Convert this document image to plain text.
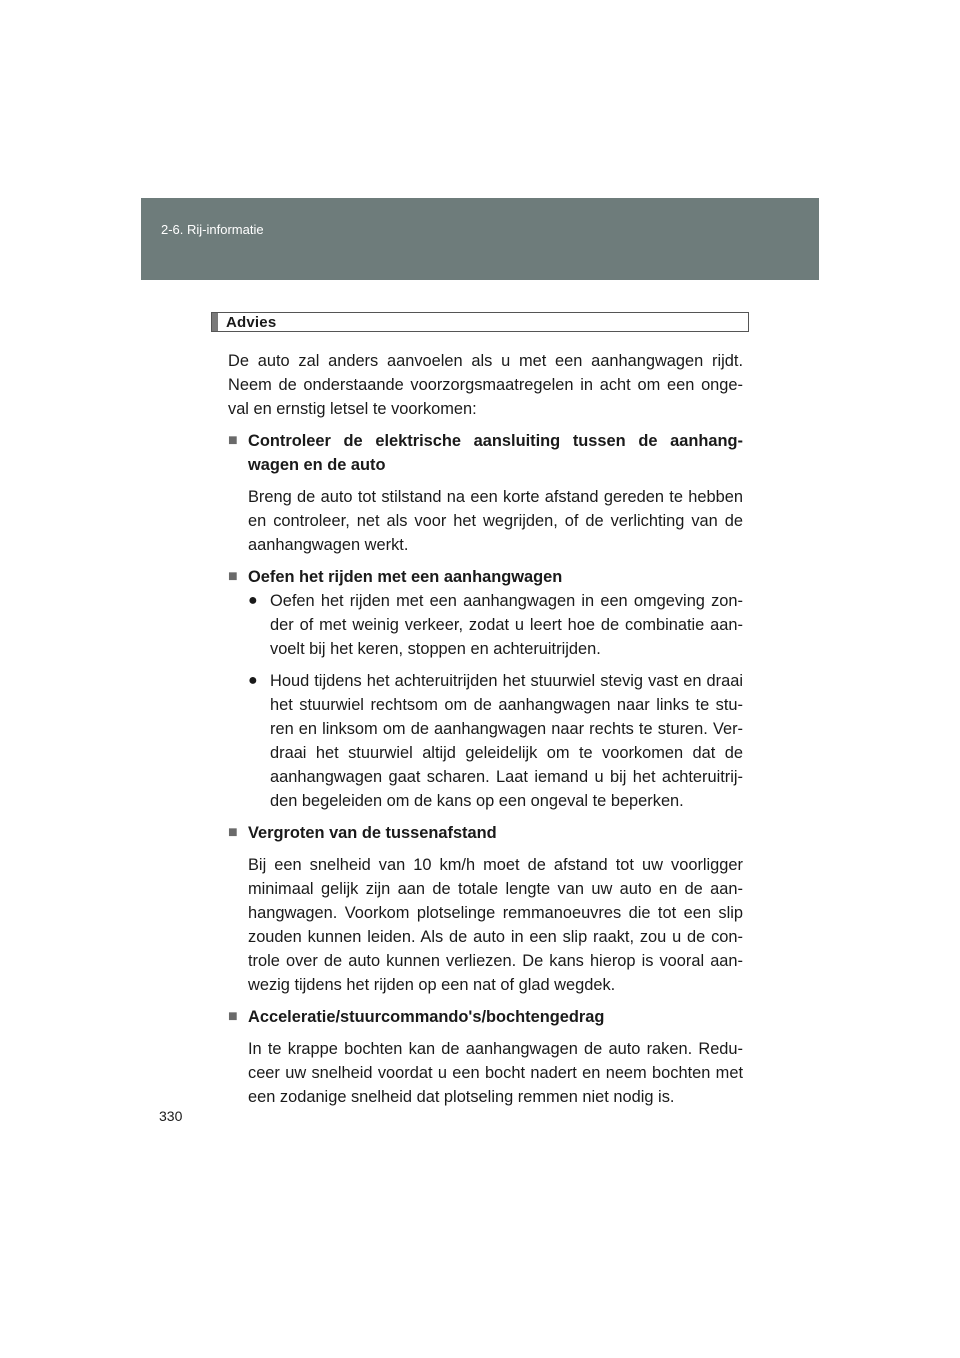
2-6. Rij-informatie
Advies

De auto zal anders aanvoelen als u met een aanhangwagen rijdt. Neem de onderstaande voorzorgsmaatregelen in acht om een onge- val en ernstig letsel te voorkomen:

■ Controleer de elektrische aansluiting tussen de aanhang- wagen en de auto

Breng de auto tot stilstand na een korte afstand gereden te hebben en controleer, net als voor het wegrijden, of de verlichting van de aanhangwagen werkt.

■ Oefen het rijden met een aanhangwagen

● Oefen het rijden met een aanhangwagen in een omgeving zon- der of met weinig verkeer, zodat u leert hoe de combinatie aan- voelt bij het keren, stoppen en achteruitrijden.

● Houd tijdens het achteruitrijden het stuurwiel stevig vast en draai het stuurwiel rechtsom om de aanhangwagen naar links te stu- ren en linksom om de aanhangwagen naar rechts te sturen. Ver- draai het stuurwiel altijd geleidelijk om te voorkomen dat de aanhangwagen gaat scharen. Laat iemand u bij het achteruitrij- den begeleiden om de kans op een ongeval te beperken.

■ Vergroten van de tussenafstand

Bij een snelheid van 10 km/h moet de afstand tot uw voorligger minimaal gelijk zijn aan de totale lengte van uw auto en de aan- hangwagen. Voorkom plotselinge remmanoeuvres die tot een slip zouden kunnen leiden. Als de auto in een slip raakt, zou u de con- trole over de auto kunnen verliezen. De kans hierop is vooral aan- wezig tijdens het rijden op een nat of glad wegdek.

■ Acceleratie/stuurcommando's/bochtengedrag

In te krappe bochten kan de aanhangwagen de auto raken. Redu- ceer uw snelheid voordat u een bocht nadert en neem bochten met een zodanige snelheid dat plotseling remmen niet nodig is.

330
